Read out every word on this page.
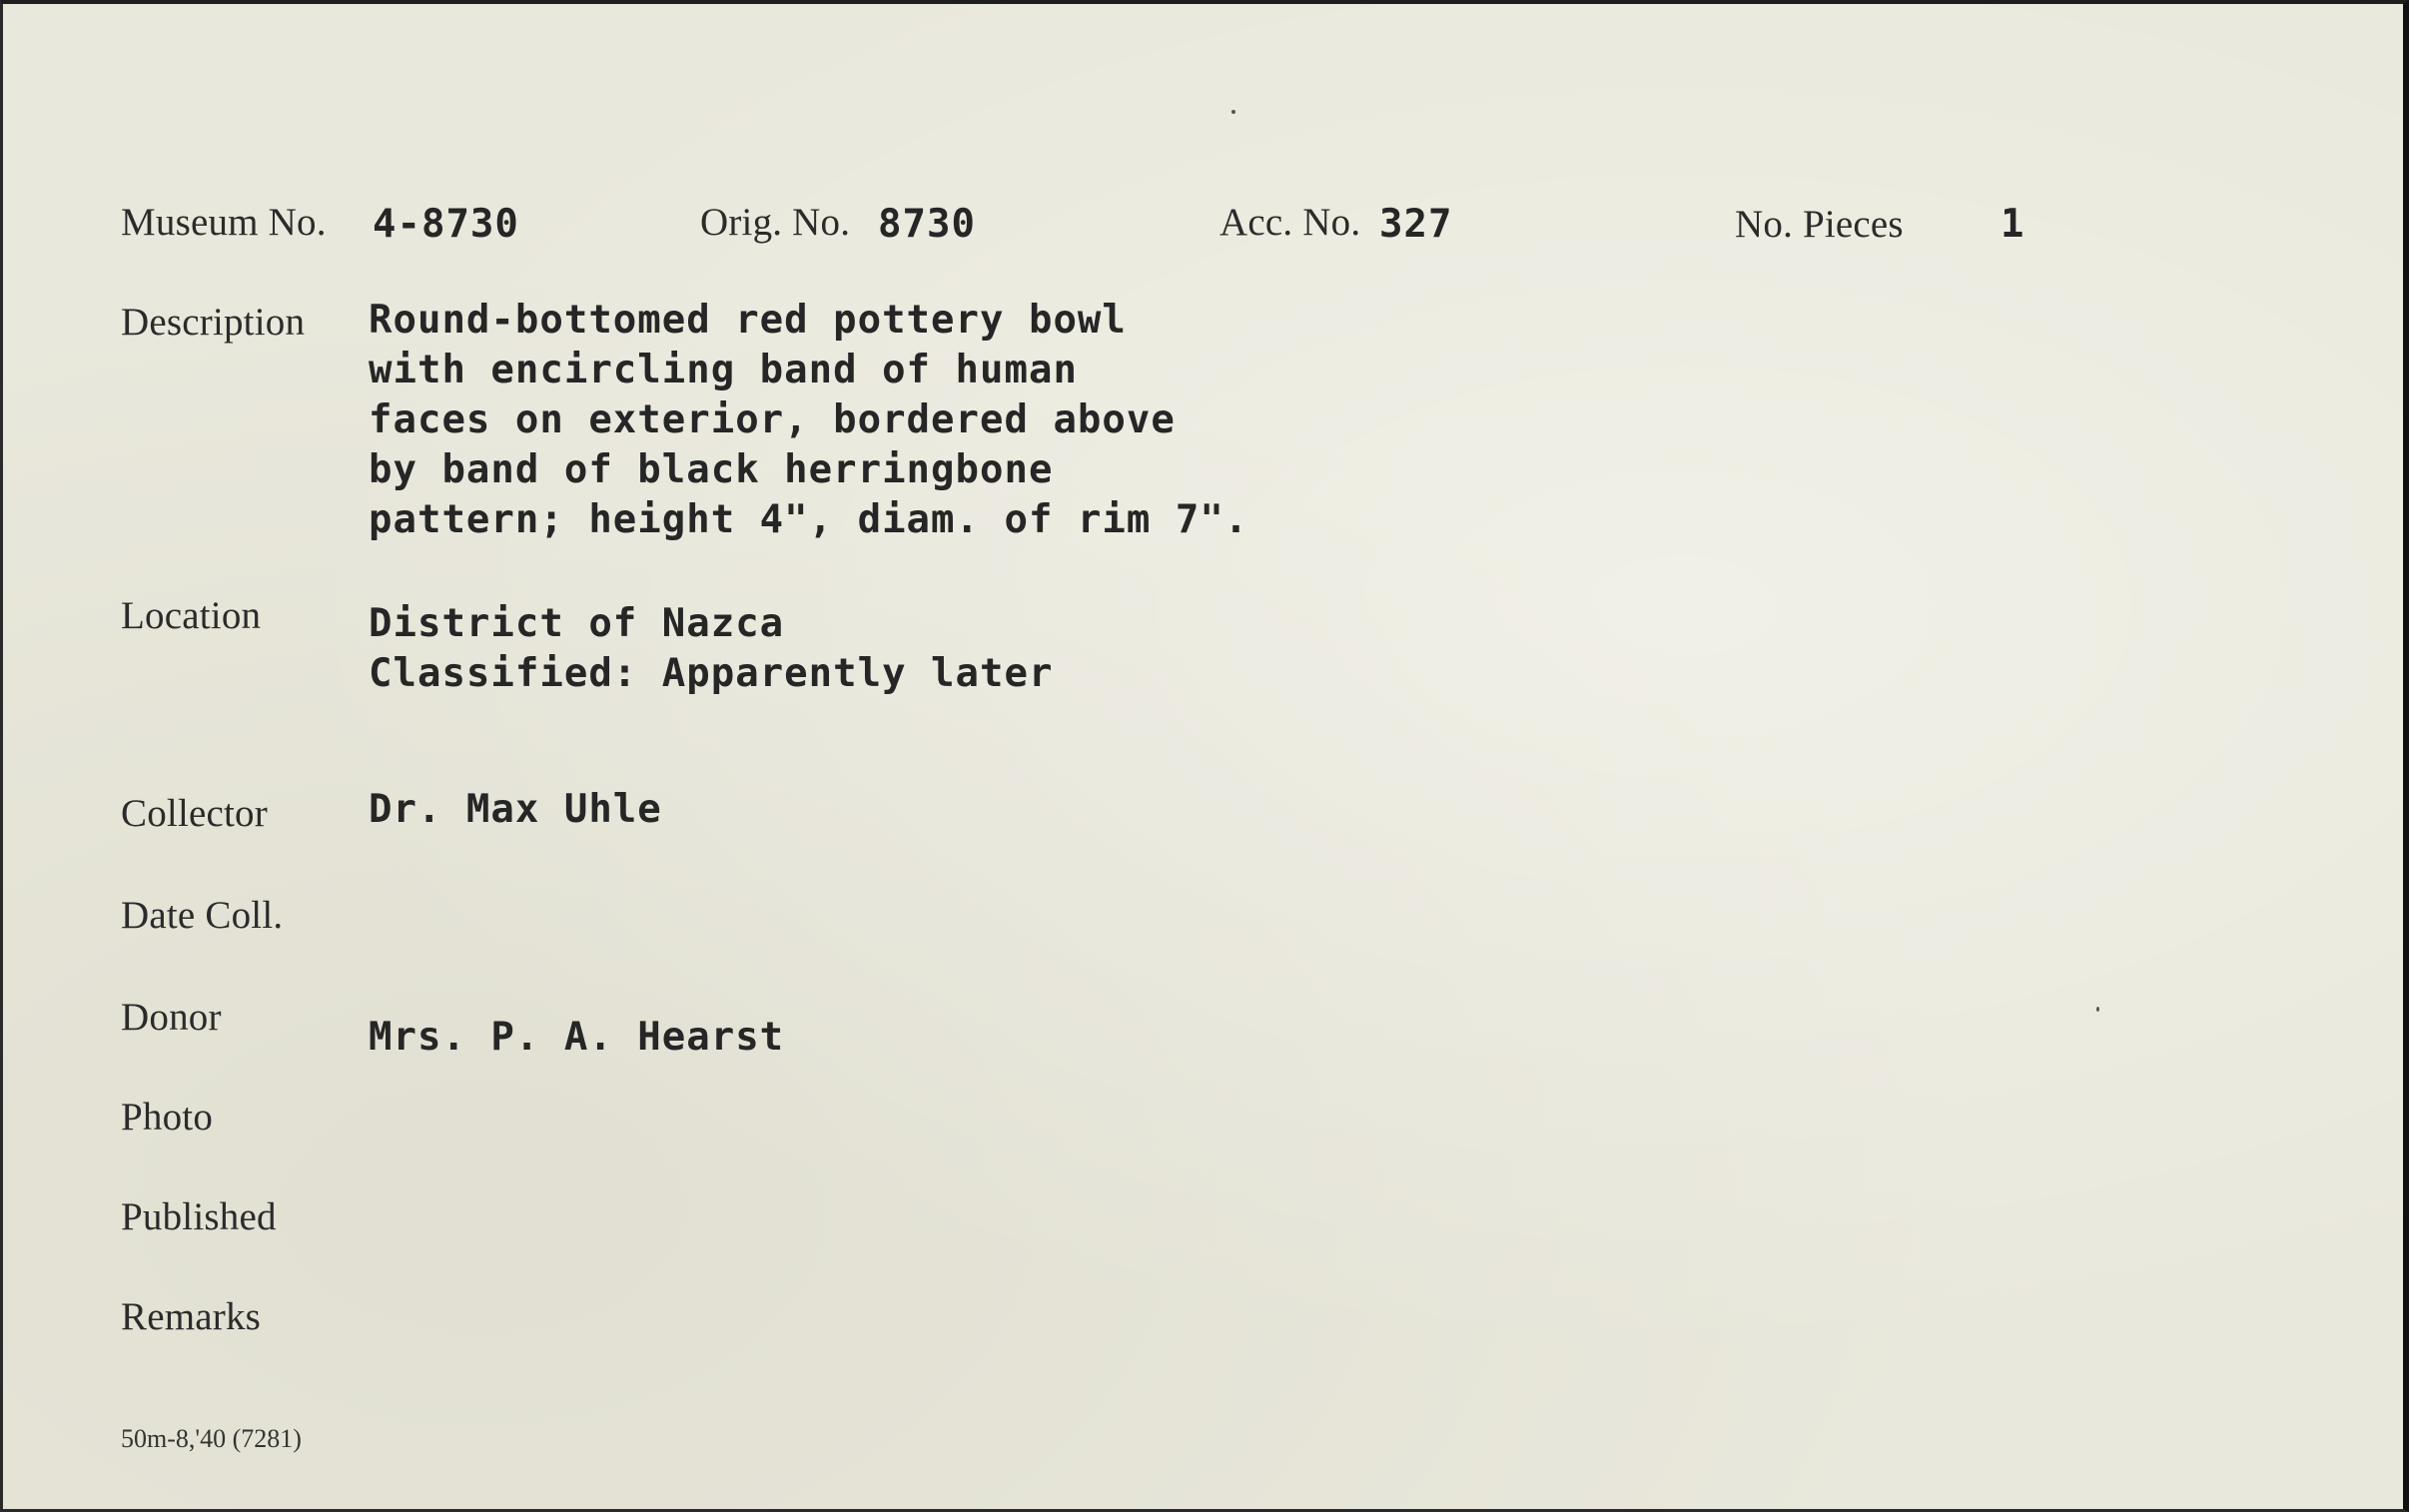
Museum No. 4-8730	Orig. No. 8730	Acc. No. 327	No. Pieces 1
Description Round-bottomed red pottery bowl
with encircling band of human
faces on exterior, bordered above
by band of black herringbone
pattern; height 4", diam. of rim 7".
Location	District of Nazca
Classified: Apparently later
Collector	Dr. Max Uhle
Date Coll.
Donor	Mrs. P. A. Hearst
Photo
Published
Remarks
50m-8,'40 (7281)
